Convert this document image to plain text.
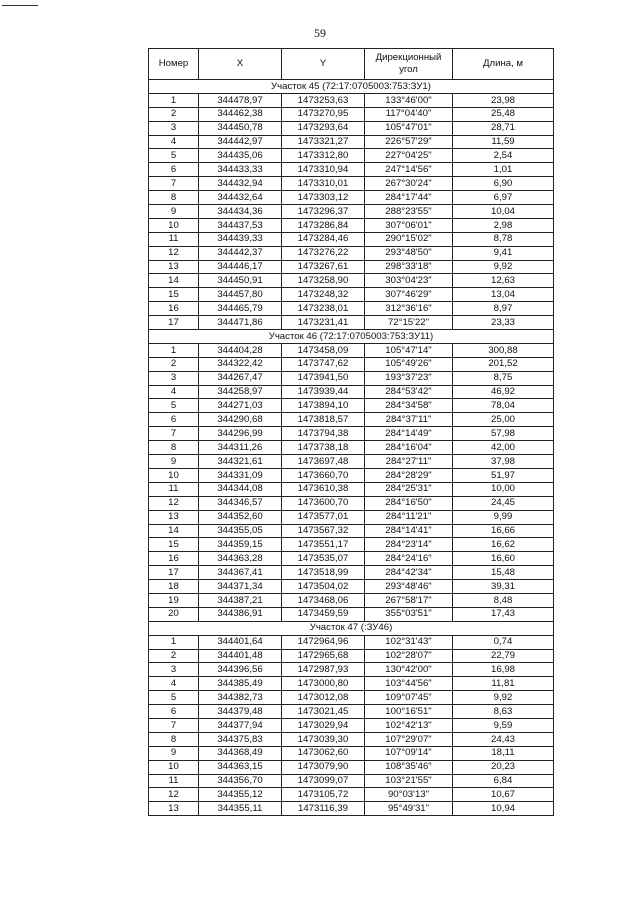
59
Номер	X	Y	Дирекционный угол	Длина, м
Участок 45 (72:17:0705003:753:ЗУ1)				
1	344478,97	1473253,63	133°46'00"	23,98
2	344462,38	1473270,95	117°04'40"	25,48
3	344450,78	1473293,64	105°47'01"	28,71
4	344442,97	1473321,27	226°57'29"	11,59
5	344435,06	1473312,80	227°04'25"	2,54
6	344433,33	1473310,94	247°14'56"	1,01
7	344432,94	1473310,01	267°30'24"	6,90
8	344432,64	1473303,12	284°17'44"	6,97
9	344434,36	1473296,37	288°23'55"	10,04
10	344437,53	1473286,84	307°06'01"	2,98
11	344439,33	1473284,46	290°15'02"	8,78
12	344442,37	1473276,22	293°48'50"	9,41
13	344446,17	1473267,61	298°33'18"	9,92
14	344450,91	1473258,90	303°04'23"	12,63
15	344457,80	1473248,32	307°46'29"	13,04
16	344465,79	1473238,01	312°36'16"	8,97
17	344471,86	1473231,41	72°15'22"	23,33
Участок 46 (72:17:0705003:753:ЗУ11)				
1	344404,28	1473458,09	105°47'14"	300,88
2	344322,42	1473747,62	105°49'26"	201,52
3	344267,47	1473941,50	193°37'23"	8,75
4	344258,97	1473939,44	284°53'42"	46,92
5	344271,03	1473894,10	284°34'58"	78,04
6	344290,68	1473818,57	284°37'11"	25,00
7	344296,99	1473794,38	284°14'49"	57,98
8	344311,26	1473738,18	284°16'04"	42,00
9	344321,61	1473697,48	284°27'11"	37,98
10	344331,09	1473660,70	284°28'29"	51,97
11	344344,08	1473610,38	284°25'31"	10,00
12	344346,57	1473600,70	284°16'50"	24,45
13	344352,60	1473577,01	284°11'21"	9,99
14	344355,05	1473567,32	284°14'41"	16,66
15	344359,15	1473551,17	284°23'14"	16,62
16	344363,28	1473535,07	284°24'16"	16,60
17	344367,41	1473518,99	284°42'34"	15,48
18	344371,34	1473504,02	293°48'46"	39,31
19	344387,21	1473468,06	267°58'17"	8,48
20	344386,91	1473459,59	355°03'51"	17,43
Участок 47 (:ЗУ46)				
1	344401,64	1472964,96	102°31'43"	0,74
2	344401,48	1472965,68	102°28'07"	22,79
3	344396,56	1472987,93	130°42'00"	16,98
4	344385,49	1473000,80	103°44'56"	11,81
5	344382,73	1473012,08	109°07'45"	9,92
6	344379,48	1473021,45	100°16'51"	8,63
7	344377,94	1473029,94	102°42'13"	9,59
8	344375,83	1473039,30	107°29'07"	24,43
9	344368,49	1473062,60	107°09'14"	18,11
10	344363,15	1473079,90	108°35'46"	20,23
11	344356,70	1473099,07	103°21'55"	6,84
12	344355,12	1473105,72	90°03'13"	10,67
13	344355,11	1473116,39	95°49'31"	10,94
